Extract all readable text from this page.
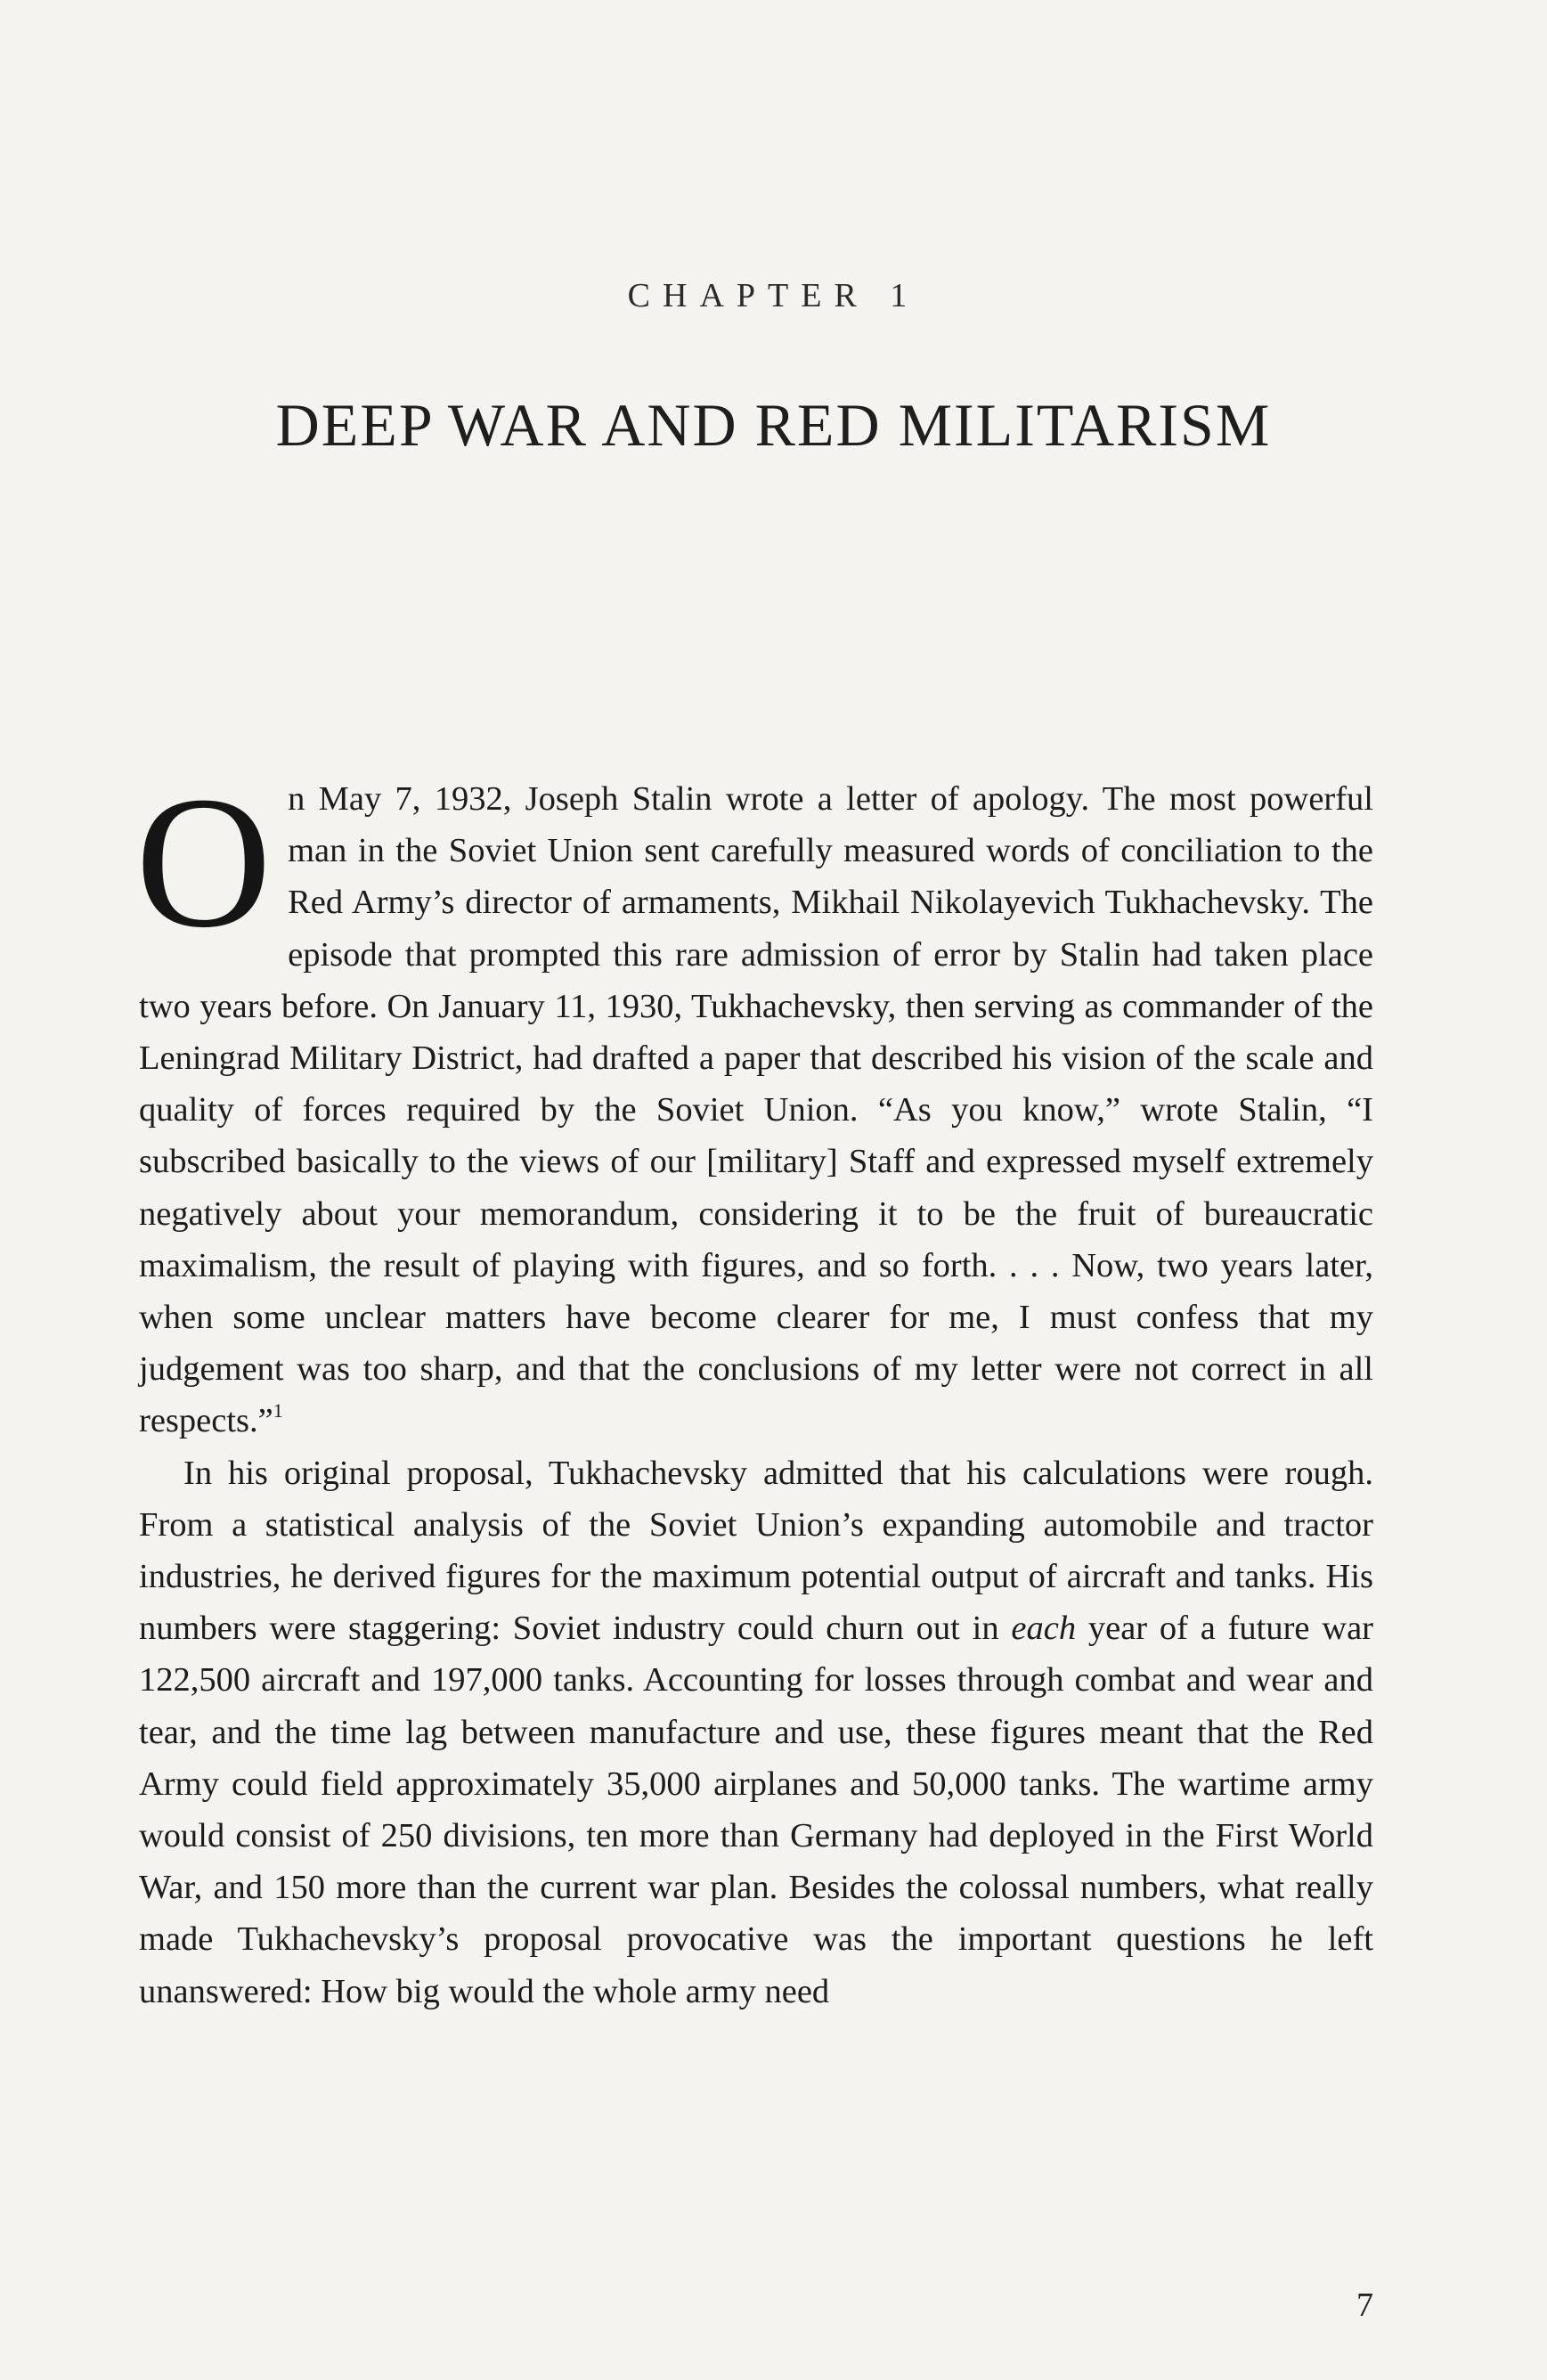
CHAPTER 1
DEEP WAR AND RED MILITARISM

On May 7, 1932, Joseph Stalin wrote a letter of apology. The most powerful man in the Soviet Union sent carefully measured words of conciliation to the Red Army’s director of armaments, Mikhail Nikolayevich Tukhachevsky. The episode that prompted this rare admission of error by Stalin had taken place two years before. On January 11, 1930, Tukhachevsky, then serving as commander of the Leningrad Military District, had drafted a paper that described his vision of the scale and quality of forces required by the Soviet Union. “As you know,” wrote Stalin, “I subscribed basically to the views of our [military] Staff and expressed myself extremely negatively about your memorandum, considering it to be the fruit of bureaucratic maximalism, the result of playing with figures, and so forth. . . . Now, two years later, when some unclear matters have become clearer for me, I must confess that my judgement was too sharp, and that the conclusions of my letter were not correct in all respects.”$^1$

In his original proposal, Tukhachevsky admitted that his calculations were rough. From a statistical analysis of the Soviet Union’s expanding automobile and tractor industries, he derived figures for the maximum potential output of aircraft and tanks. His numbers were staggering: Soviet industry could churn out in each year of a future war 122,500 aircraft and 197,000 tanks. Accounting for losses through combat and wear and tear, and the time lag between manufacture and use, these figures meant that the Red Army could field approximately 35,000 airplanes and 50,000 tanks. The wartime army would consist of 250 divisions, ten more than Germany had deployed in the First World War, and 150 more than the current war plan. Besides the colossal numbers, what really made Tukhachevsky’s proposal provocative was the important questions he left unanswered: How big would the whole army need

7
